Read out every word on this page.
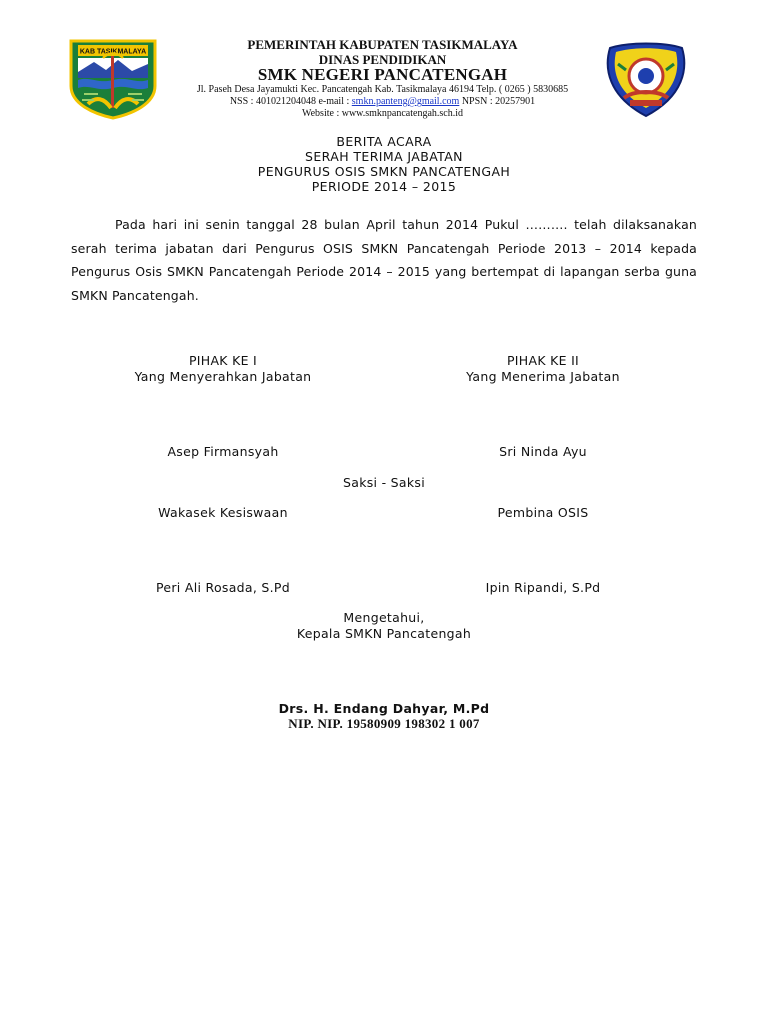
KAB TASIKMALAYA	PEMERINTAH KABUPATEN TASIKMALAYA
DINAS PENDIDIKAN
SMK NEGERI PANCATENGAH
Jl. Paseh Desa Jayamukti Kec. Pancatengah Kab. Tasikmalaya 46194 Telp. ( 0265 ) 5830685
NSS : 401021204048 e-mail : smkn.panteng@gmail.com NPSN : 20257901
Website : www.smknpancatengah.sch.id
BERITA ACARA
SERAH TERIMA JABATAN
PENGURUS OSIS SMKN PANCATENGAH
PERIODE 2014 – 2015

Pada hari ini senin tanggal 28 bulan April tahun 2014 Pukul ………. telah dilaksanakan serah terima jabatan dari Pengurus OSIS SMKN Pancatengah Periode 2013 – 2014 kepada Pengurus Osis SMKN Pancatengah Periode 2014 – 2015 yang bertempat di lapangan serba guna SMKN Pancatengah.

PIHAK KE I
Yang Menyerahkan Jabatan
PIHAK KE II
Yang Menerima Jabatan
Asep Firmansyah	Sri Ninda Ayu
Saksi - Saksi
Wakasek Kesiswaan	Pembina OSIS
Peri Ali Rosada, S.Pd	Ipin Ripandi, S.Pd
Mengetahui,
Kepala SMKN Pancatengah
Drs. H. Endang Dahyar, M.Pd
NIP. NIP. 19580909 198302 1 007
